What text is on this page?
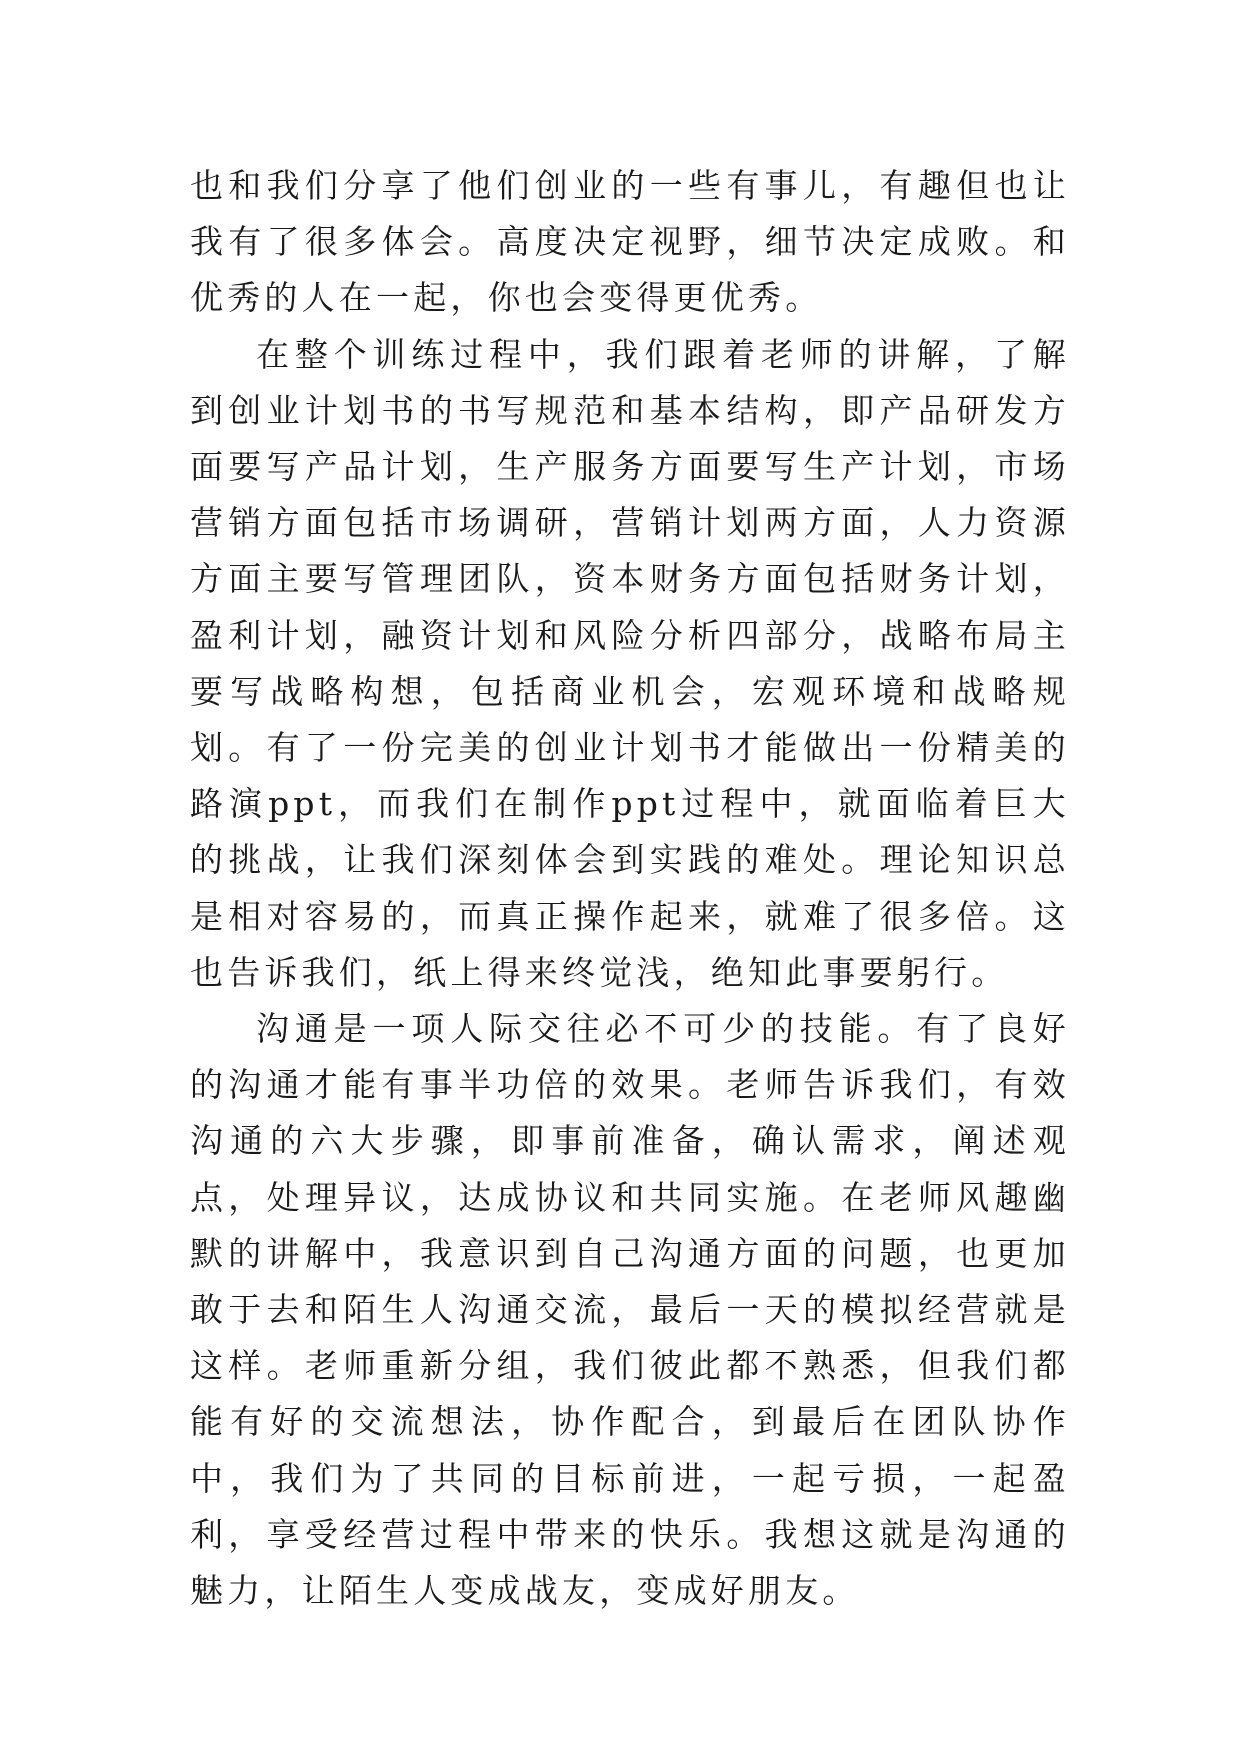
也和我们分享了他们创业的一些有事儿，有趣但也让我有了很多体会。高度决定视野，细节决定成败。和优秀的人在一起，你也会变得更优秀。

在整个训练过程中，我们跟着老师的讲解，了解到创业计划书的书写规范和基本结构，即产品研发方面要写产品计划，生产服务方面要写生产计划，市场营销方面包括市场调研，营销计划两方面，人力资源方面主要写管理团队，资本财务方面包括财务计划，盈利计划，融资计划和风险分析四部分，战略布局主要写战略构想，包括商业机会，宏观环境和战略规划。有了一份完美的创业计划书才能做出一份精美的路演ppt，而我们在制作ppt过程中，就面临着巨大的挑战，让我们深刻体会到实践的难处。理论知识总是相对容易的，而真正操作起来，就难了很多倍。这也告诉我们，纸上得来终觉浅，绝知此事要躬行。

沟通是一项人际交往必不可少的技能。有了良好的沟通才能有事半功倍的效果。老师告诉我们，有效沟通的六大步骤，即事前准备，确认需求，阐述观点，处理异议，达成协议和共同实施。在老师风趣幽默的讲解中，我意识到自己沟通方面的问题，也更加敢于去和陌生人沟通交流，最后一天的模拟经营就是这样。老师重新分组，我们彼此都不熟悉，但我们都能有好的交流想法，协作配合，到最后在团队协作中，我们为了共同的目标前进，一起亏损，一起盈利，享受经营过程中带来的快乐。我想这就是沟通的魅力，让陌生人变成战友，变成好朋友。
